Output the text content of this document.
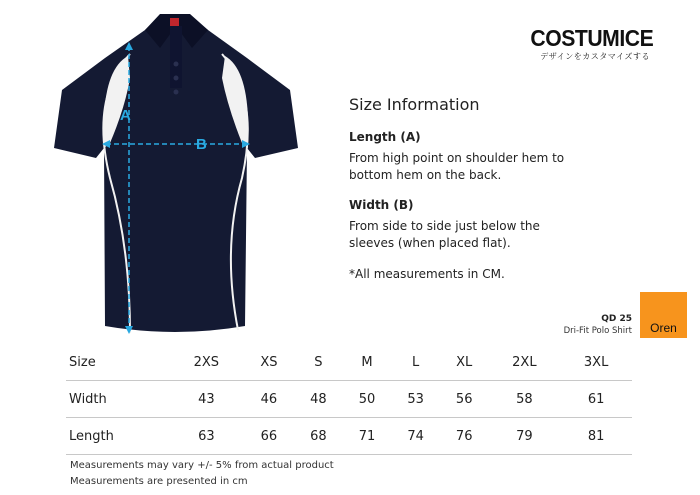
A
B
COSTUMICE
デザインをカスタマイズする
Size Information
Length (A)

From high point on shoulder hem to bottom hem on the back.

Width (B)

From side to side just below the sleeves (when placed flat).

*All measurements in CM.

QD 25
Dri-Fit Polo Shirt	Oren
Size	2XS	XS	S	M	L	XL	2XL	3XL
Width	43	46	48	50	53	56	58	61
Length	63	66	68	71	74	76	79	81
Measurements may vary +/- 5% from actual product
Measurements are presented in cm
